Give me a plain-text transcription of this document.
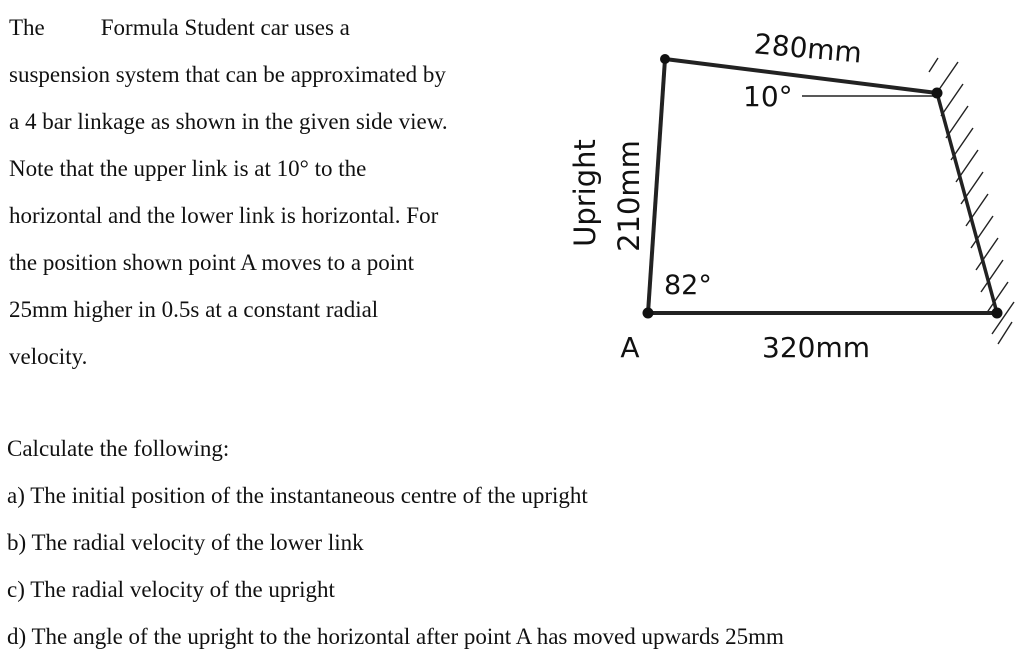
The Formula Student car uses a
suspension system that can be approximated by
a 4 bar linkage as shown in the given side view.
Note that the upper link is at 10° to the
horizontal and the lower link is horizontal. For
the position shown point A moves to a point
25mm higher in 0.5s at a constant radial
velocity.
280mm
10°
Upright 210mm
82°
A	320mm
Calculate the following:
a) The initial position of the instantaneous centre of the upright
b) The radial velocity of the lower link
c) The radial velocity of the upright
d) The angle of the upright to the horizontal after point A has moved upwards 25mm
